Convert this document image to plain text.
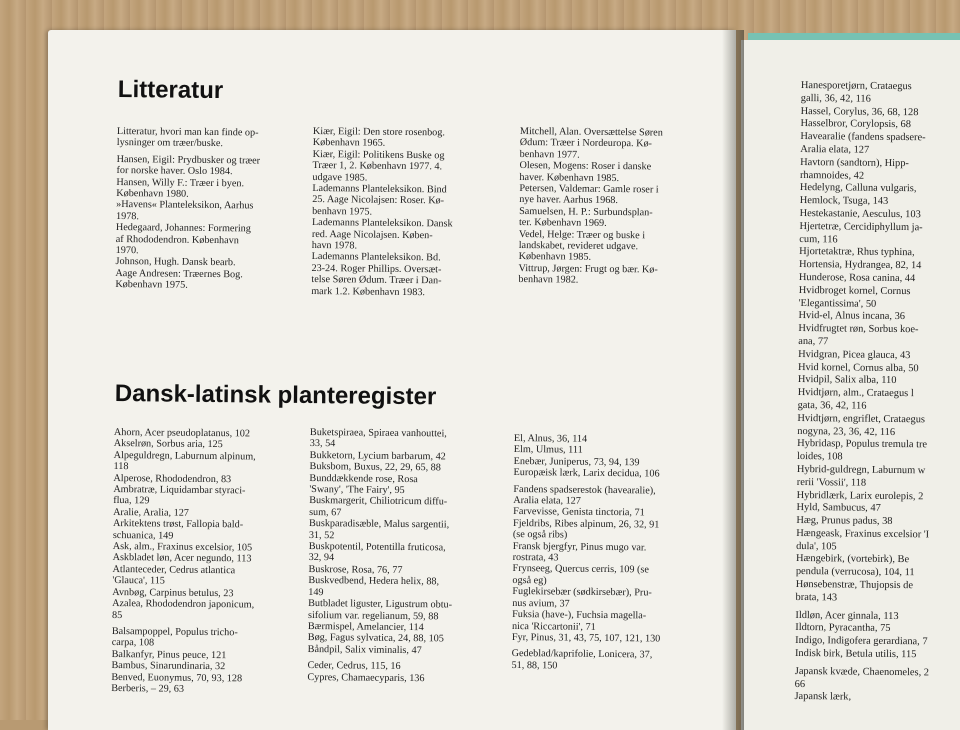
Litteratur
Litteratur, hvori man kan finde op-
lysninger om træer/buske.
Hansen, Eigil: Prydbusker og træer
for norske haver. Oslo 1984.
Hansen, Willy F.: Træer i byen.
København 1980.
»Havens« Planteleksikon, Aarhus
1978.
Hedegaard, Johannes: Formering
af Rhododendron. København
1970.
Johnson, Hugh. Dansk bearb.
Aage Andresen: Træernes Bog.
København 1975.
Kiær, Eigil: Den store rosenbog.
København 1965.
Kiær, Eigil: Politikens Buske og
Træer 1, 2. København 1977. 4.
udgave 1985.
Lademanns Planteleksikon. Bind
25. Aage Nicolajsen: Roser. Kø-
benhavn 1975.
Lademanns Planteleksikon. Dansk
red. Aage Nicolajsen. Køben-
havn 1978.
Lademanns Planteleksikon. Bd.
23-24. Roger Phillips. Oversæt-
telse Søren Ødum. Træer i Dan-
mark 1.2. København 1983.
Mitchell, Alan. Oversættelse Søren
Ødum: Træer i Nordeuropa. Kø-
benhavn 1977.
Olesen, Mogens: Roser i danske
haver. København 1985.
Petersen, Valdemar: Gamle roser i
nye haver. Aarhus 1968.
Samuelsen, H. P.: Surbundsplan-
ter. København 1969.
Vedel, Helge: Træer og buske i
landskabet, revideret udgave.
København 1985.
Vittrup, Jørgen: Frugt og bær. Kø-
benhavn 1982.
Dansk-latinsk planteregister
Ahorn, Acer pseudoplatanus, 102
Akselrøn, Sorbus aria, 125
Alpeguldregn, Laburnum alpinum,
118
Alperose, Rhododendron, 83
Ambratræ, Liquidambar styraci-
flua, 129
Aralie, Aralia, 127
Arkitektens trøst, Fallopia bald-
schuanica, 149
Ask, alm., Fraxinus excelsior, 105
Askbladet løn, Acer negundo, 113
Atlanteceder, Cedrus atlantica
'Glauca', 115
Avnbøg, Carpinus betulus, 23
Azalea, Rhododendron japonicum,
85
Balsampoppel, Populus tricho-
carpa, 108
Balkanfyr, Pinus peuce, 121
Bambus, Sinarundinaria, 32
Benved, Euonymus, 70, 93, 128
Berberis, – 29, 63
Buketspiraea, Spiraea vanhouttei,
33, 54
Bukketorn, Lycium barbarum, 42
Buksbom, Buxus, 22, 29, 65, 88
Bunddækkende rose, Rosa
'Swany', 'The Fairy', 95
Buskmargerit, Chiliotricum diffu-
sum, 67
Buskparadisæble, Malus sargentii,
31, 52
Buskpotentil, Potentilla fruticosa,
32, 94
Buskrose, Rosa, 76, 77
Buskvedbend, Hedera helix, 88,
149
Butbladet liguster, Ligustrum obtu-
sifolium var. regelianum, 59, 88
Bærmispel, Amelancier, 114
Bøg, Fagus sylvatica, 24, 88, 105
Båndpil, Salix viminalis, 47
Ceder, Cedrus, 115, 16
Cypres, Chamaecyparis, 136
El, Alnus, 36, 114
Elm, Ulmus, 111
Enebær, Juniperus, 73, 94, 139
Europæisk lærk, Larix decidua, 106
Fandens spadserestok (havearalie),
Aralia elata, 127
Farvevisse, Genista tinctoria, 71
Fjeldribs, Ribes alpinum, 26, 32, 91
(se også ribs)
Fransk bjergfyr, Pinus mugo var.
rostrata, 43
Frynseeg, Quercus cerris, 109 (se
også eg)
Fuglekirsebær (sødkirsebær), Pru-
nus avium, 37
Fuksia (have-), Fuchsia magella-
nica 'Riccartonii', 71
Fyr, Pinus, 31, 43, 75, 107, 121, 130
Gedeblad/kaprifolie, Lonicera, 37,
51, 88, 150
Hanesporetjørn, Crataegus
galli, 36, 42, 116
Hassel, Corylus, 36, 68, 128
Hasselbror, Corylopsis, 68
Havearalie (fandens spadsere-
Aralia elata, 127
Havtorn (sandtorn), Hipp-
rhamnoides, 42
Hedelyng, Calluna vulgaris,
Hemlock, Tsuga, 143
Hestekastanie, Aesculus, 103
Hjertetræ, Cercidiphyllum ja-
cum, 116
Hjortetaktræ, Rhus typhina,
Hortensia, Hydrangea, 82, 14
Hunderose, Rosa canina, 44
Hvidbroget kornel, Cornus
'Elegantissima', 50
Hvid-el, Alnus incana, 36
Hvidfrugtet røn, Sorbus koe-
ana, 77
Hvidgran, Picea glauca, 43
Hvid kornel, Cornus alba, 50
Hvidpil, Salix alba, 110
Hvidtjørn, alm., Crataegus l
gata, 36, 42, 116
Hvidtjørn, engriflet, Crataegus
nogyna, 23, 36, 42, 116
Hybridasp, Populus tremula tre
loides, 108
Hybrid-guldregn, Laburnum w
rerii 'Vossii', 118
Hybridlærk, Larix eurolepis, 2
Hyld, Sambucus, 47
Hæg, Prunus padus, 38
Hængeask, Fraxinus excelsior 'I
dula', 105
Hængebirk, (vortebirk), Be
pendula (verrucosa), 104, 11
Hønsebenstræ, Thujopsis de
brata, 143
Ildløn, Acer ginnala, 113
Ildtorn, Pyracantha, 75
Indigo, Indigofera gerardiana, 7
Indisk birk, Betula utilis, 115
Japansk kvæde, Chaenomeles, 2
66
Japansk lærk,
